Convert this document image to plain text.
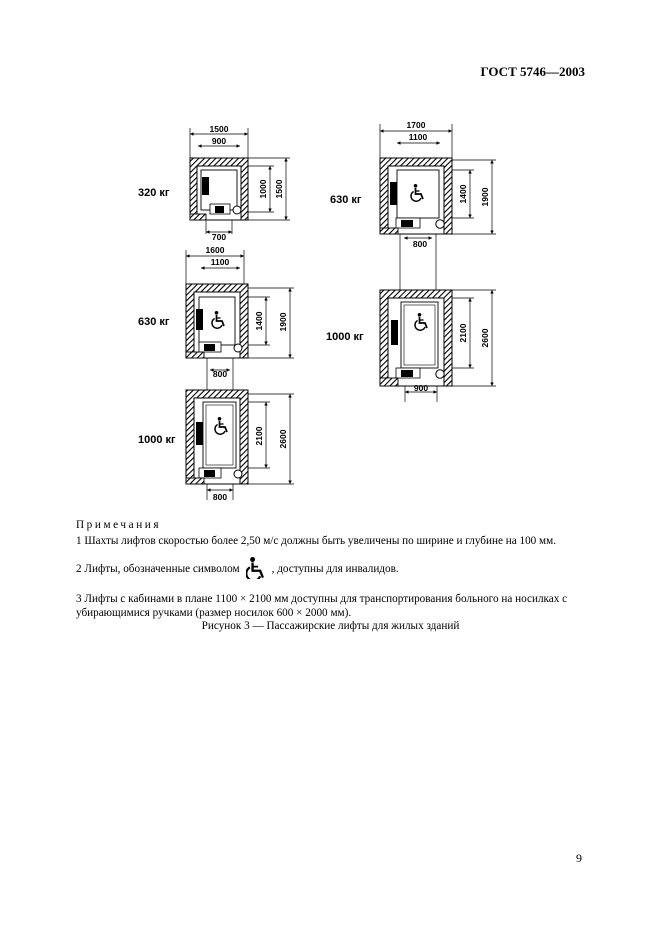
ГОСТ 5746—2003
1500
900
700
1000 1500
320 кг
1600
1100
800
1400 1900
630 кг
800
2100 2600
1000 кг
1700
1100
800
1400 1900
630 кг
900
2100 2600
1000 кг

Примечания

1 Шахты лифтов скоростью более 2,50 м/с должны быть увеличены по ширине и глубине на 100 мм.

2 Лифты, обозначенные символом	, доступны для инвалидов.

3 Лифты с кабинами в плане 1100 × 2100 мм доступны для транспортирования больного на носилках с убирающимися ручками (размер носилок 600 × 2000 мм).

Рисунок 3 — Пассажирские лифты для жилых зданий
9
